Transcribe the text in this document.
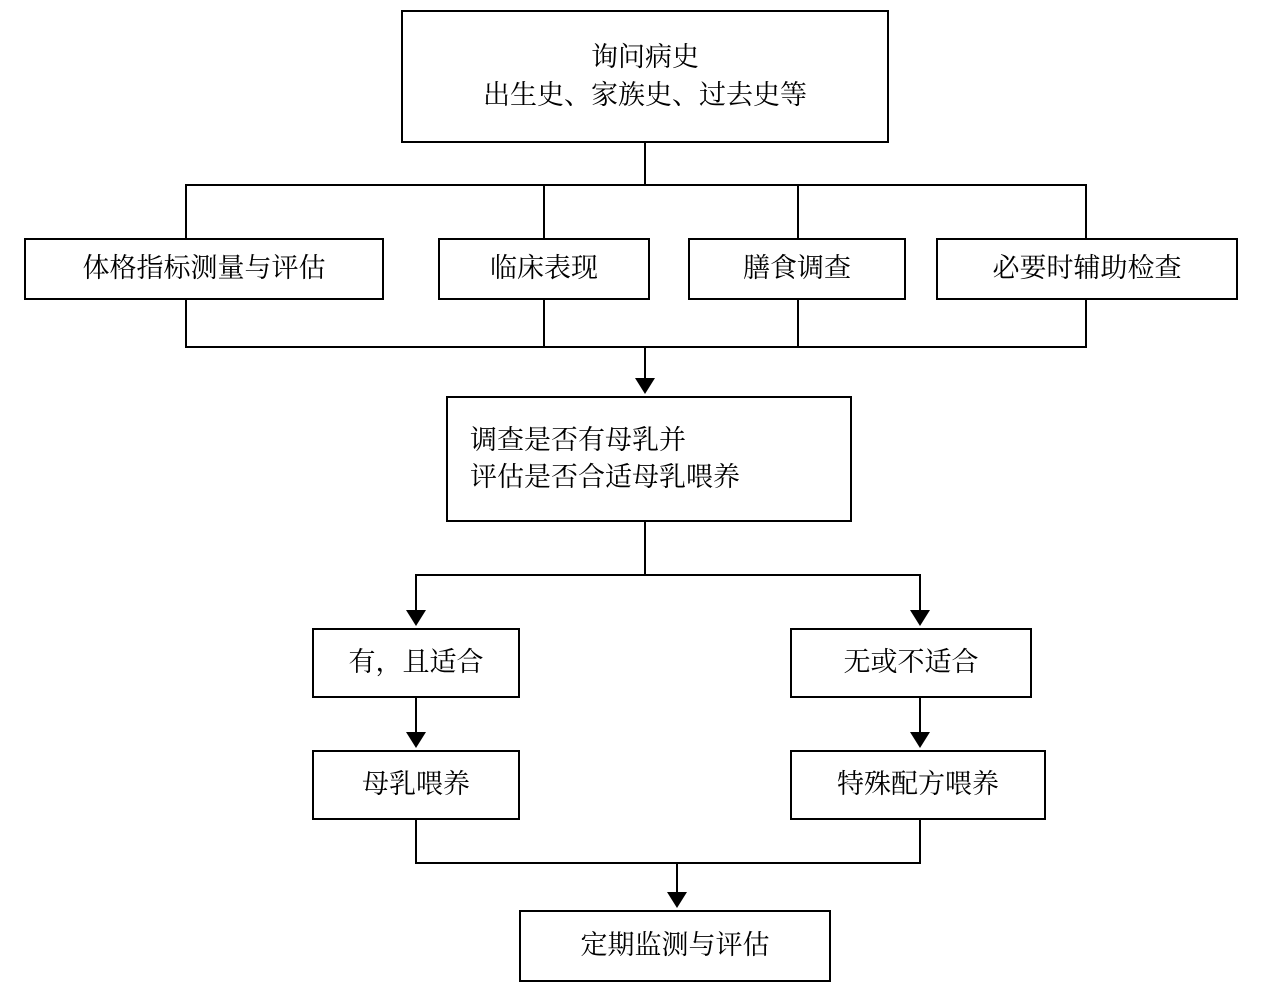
询问病史
出生史、家族史、过去史等
体格指标测量与评估	临床表现	膳食调查	必要时辅助检查
调查是否有母乳并
评估是否合适母乳喂养
有，且适合	无或不适合
母乳喂养	特殊配方喂养
定期监测与评估
